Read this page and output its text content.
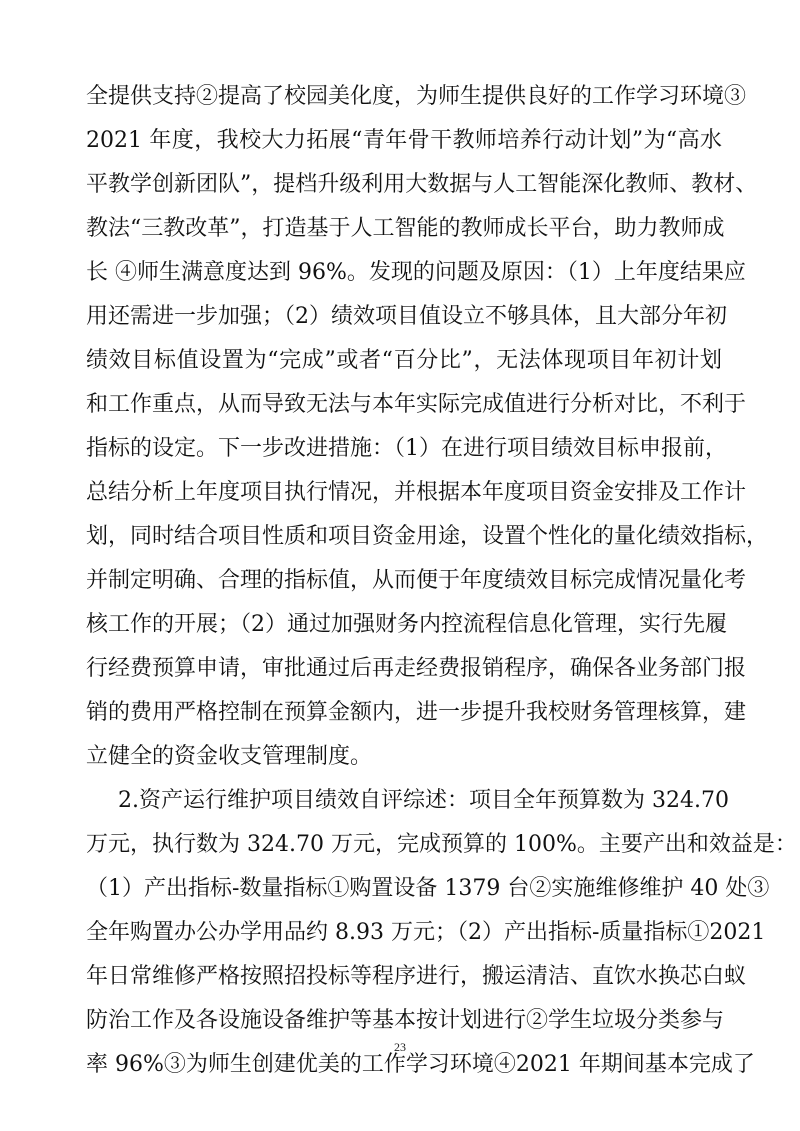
全提供支持②提高了校园美化度，为师生提供良好的工作学习环境③
2021 年度，我校大力拓展“青年骨干教师培养行动计划”为“高水
平教学创新团队”，提档升级利用大数据与人工智能深化教师、教材、
教法“三教改革”，打造基于人工智能的教师成长平台，助力教师成
长 ④师生满意度达到 96%。发现的问题及原因：（1）上年度结果应
用还需进一步加强；（2）绩效项目值设立不够具体，且大部分年初
绩效目标值设置为“完成”或者“百分比”，无法体现项目年初计划
和工作重点，从而导致无法与本年实际完成值进行分析对比，不利于
指标的设定。下一步改进措施：（1）在进行项目绩效目标申报前，
总结分析上年度项目执行情况，并根据本年度项目资金安排及工作计
划，同时结合项目性质和项目资金用途，设置个性化的量化绩效指标，
并制定明确、合理的指标值，从而便于年度绩效目标完成情况量化考
核工作的开展；（2）通过加强财务内控流程信息化管理，实行先履
行经费预算申请，审批通过后再走经费报销程序，确保各业务部门报
销的费用严格控制在预算金额内，进一步提升我校财务管理核算，建
立健全的资金收支管理制度。
2.资产运行维护项目绩效自评综述：项目全年预算数为 324.70
万元，执行数为 324.70 万元，完成预算的 100%。主要产出和效益是：
（1）产出指标-数量指标①购置设备 1379 台②实施维修维护 40 处③
全年购置办公办学用品约 8.93 万元；（2）产出指标-质量指标①2021
年日常维修严格按照招投标等程序进行，搬运清洁、直饮水换芯白蚁
防治工作及各设施设备维护等基本按计划进行②学生垃圾分类参与
率 96%③为师生创建优美的工作学习环境④2021 年期间基本完成了
23
